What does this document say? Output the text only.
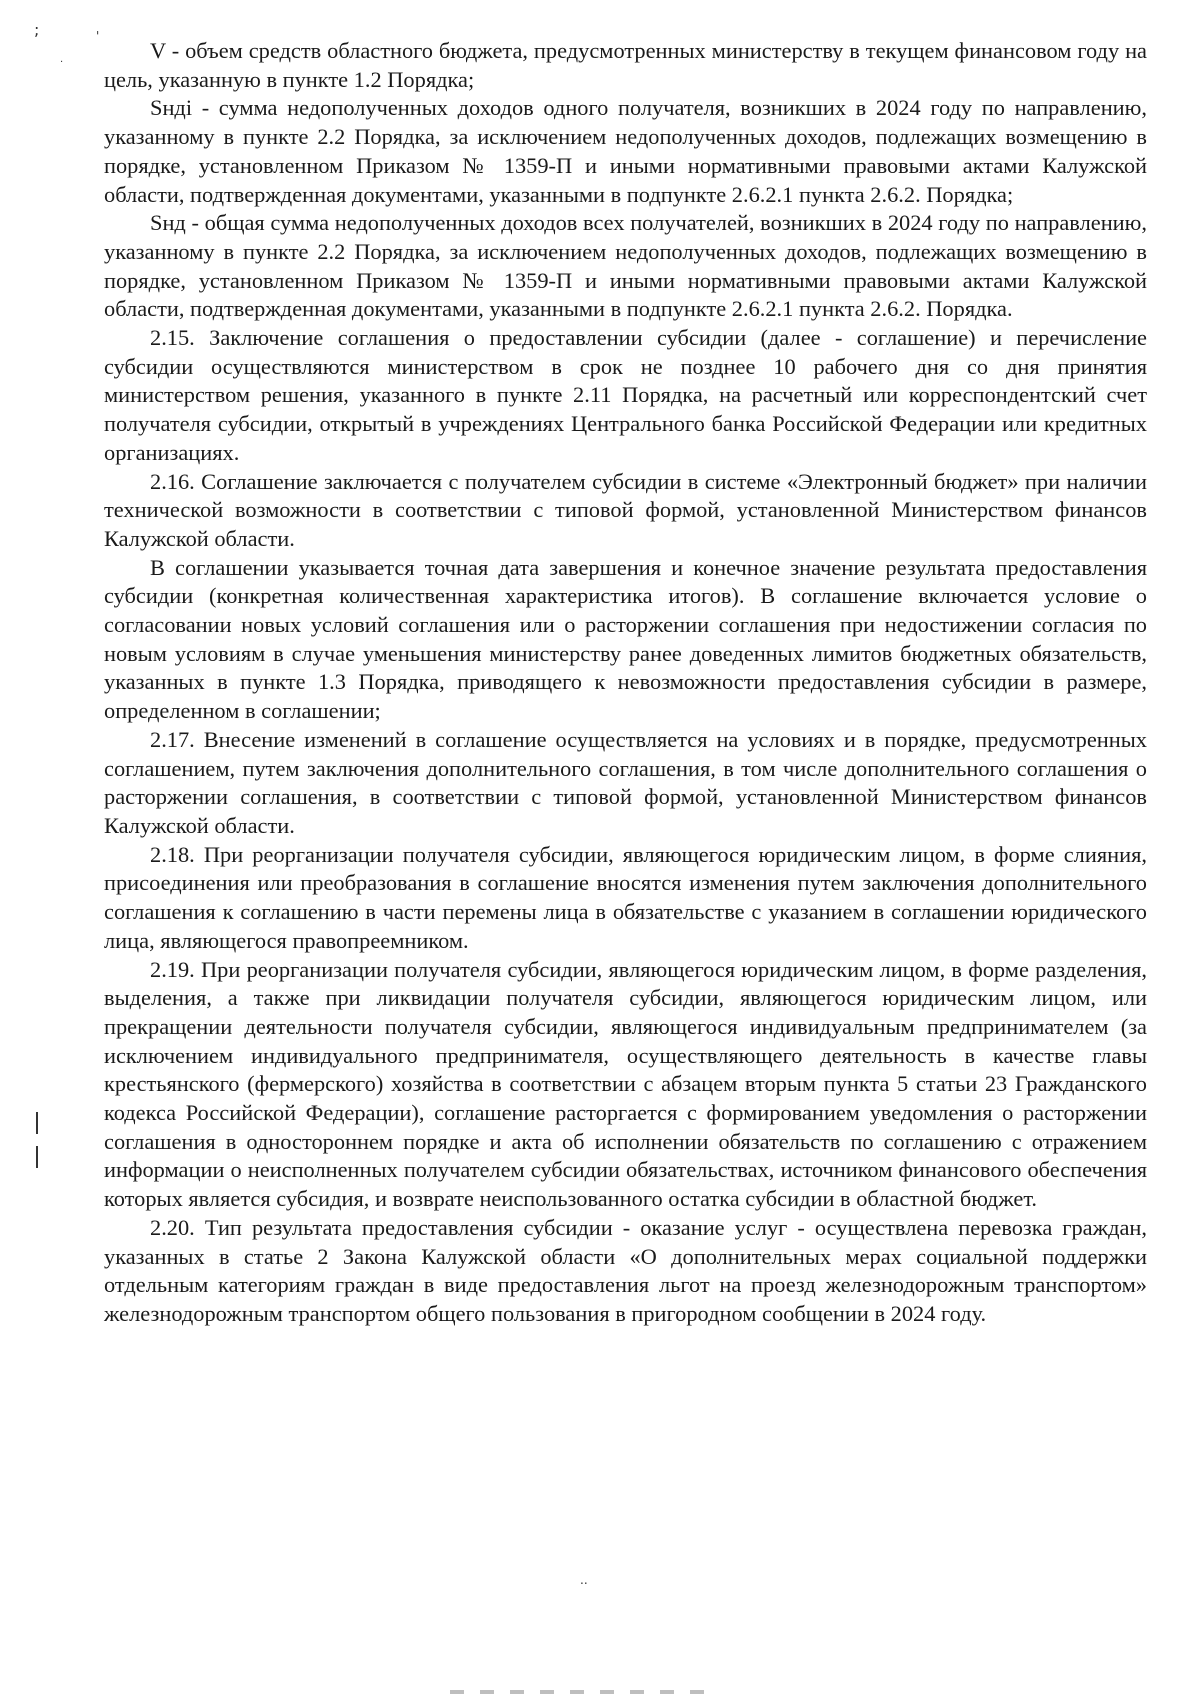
;	'
.
..

V - объем средств областного бюджета, предусмотренных министерству в текущем финансовом году на цель, указанную в пункте 1.2 Порядка;

Sндi - сумма недополученных доходов одного получателя, возникших в 2024 году по направлению, указанному в пункте 2.2 Порядка, за исключением недополученных доходов, подлежащих возмещению в порядке, установленном Приказом № 1359-П и иными нормативными правовыми актами Калужской области, подтвержденная документами, указанными в подпункте 2.6.2.1 пункта 2.6.2. Порядка;

Sнд - общая сумма недополученных доходов всех получателей, возникших в 2024 году по направлению, указанному в пункте 2.2 Порядка, за исключением недополученных доходов, подлежащих возмещению в порядке, установленном Приказом № 1359-П и иными нормативными правовыми актами Калужской области, подтвержденная документами, указанными в подпункте 2.6.2.1 пункта 2.6.2. Порядка.

2.15. Заключение соглашения о предоставлении субсидии (далее - соглашение) и перечисление субсидии осуществляются министерством в срок не позднее 10 рабочего дня со дня принятия министерством решения, указанного в пункте 2.11 Порядка, на расчетный или корреспондентский счет получателя субсидии, открытый в учреждениях Центрального банка Российской Федерации или кредитных организациях.

2.16. Соглашение заключается с получателем субсидии в системе «Электронный бюджет» при наличии технической возможности в соответствии с типовой формой, установленной Министерством финансов Калужской области.

В соглашении указывается точная дата завершения и конечное значение результата предоставления субсидии (конкретная количественная характеристика итогов). В соглашение включается условие о согласовании новых условий соглашения или о расторжении соглашения при недостижении согласия по новым условиям в случае уменьшения министерству ранее доведенных лимитов бюджетных обязательств, указанных в пункте 1.3 Порядка, приводящего к невозможности предоставления субсидии в размере, определенном в соглашении;

2.17. Внесение изменений в соглашение осуществляется на условиях и в порядке, предусмотренных соглашением, путем заключения дополнительного соглашения, в том числе дополнительного соглашения о расторжении соглашения, в соответствии с типовой формой, установленной Министерством финансов Калужской области.

2.18. При реорганизации получателя субсидии, являющегося юридическим лицом, в форме слияния, присоединения или преобразования в соглашение вносятся изменения путем заключения дополнительного соглашения к соглашению в части перемены лица в обязательстве с указанием в соглашении юридического лица, являющегося правопреемником.

2.19. При реорганизации получателя субсидии, являющегося юридическим лицом, в форме разделения, выделения, а также при ликвидации получателя субсидии, являющегося юридическим лицом, или прекращении деятельности получателя субсидии, являющегося индивидуальным предпринимателем (за исключением индивидуального предпринимателя, осуществляющего деятельность в качестве главы крестьянского (фермерского) хозяйства в соответствии с абзацем вторым пункта 5 статьи 23 Гражданского кодекса Российской Федерации), соглашение расторгается с формированием уведомления о расторжении соглашения в одностороннем порядке и акта об исполнении обязательств по соглашению с отражением информации о неисполненных получателем субсидии обязательствах, источником финансового обеспечения которых является субсидия, и возврате неиспользованного остатка субсидии в областной бюджет.

2.20. Тип результата предоставления субсидии - оказание услуг - осуществлена перевозка граждан, указанных в статье 2 Закона Калужской области «О дополнительных мерах социальной поддержки отдельным категориям граждан в виде предоставления льгот на проезд железнодорожным транспортом» железнодорожным транспортом общего пользования в пригородном сообщении в 2024 году.
